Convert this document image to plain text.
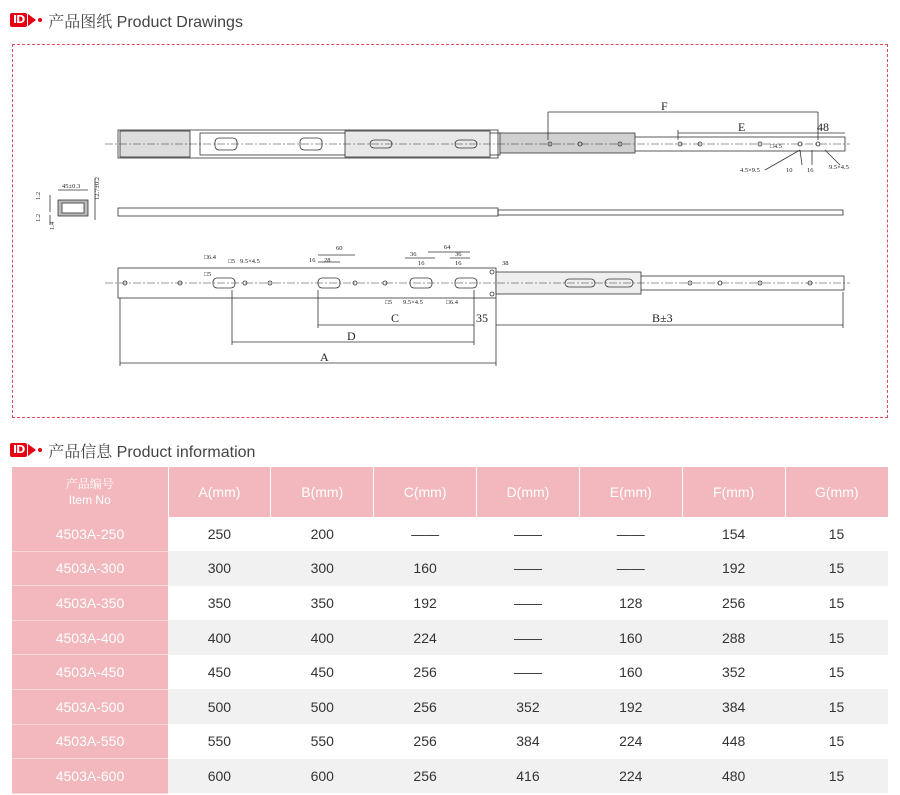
ID 产品图纸 Product Drawings
F
E	48
D
C	35	B±3
A
□4.5
4.5×9.5	10 16 9.5×4.5
45±0.3 12.7±0.2
1.2
1.2
1.4
□6.4
□5
□5 9.5×4.5
60
16 28
64
36
16
36
16	38
□5 9.5×4.5	□6.4
ID 产品信息 Product information
产品编号
Item No	A(mm)	B(mm)	C(mm)	D(mm)	E(mm)	F(mm)	G(mm)
4503A-250	250	200	——	——	——	154	15
4503A-300	300	300	160	——	——	192	15
4503A-350	350	350	192	——	128	256	15
4503A-400	400	400	224	——	160	288	15
4503A-450	450	450	256	——	160	352	15
4503A-500	500	500	256	352	192	384	15
4503A-550	550	550	256	384	224	448	15
4503A-600	600	600	256	416	224	480	15
